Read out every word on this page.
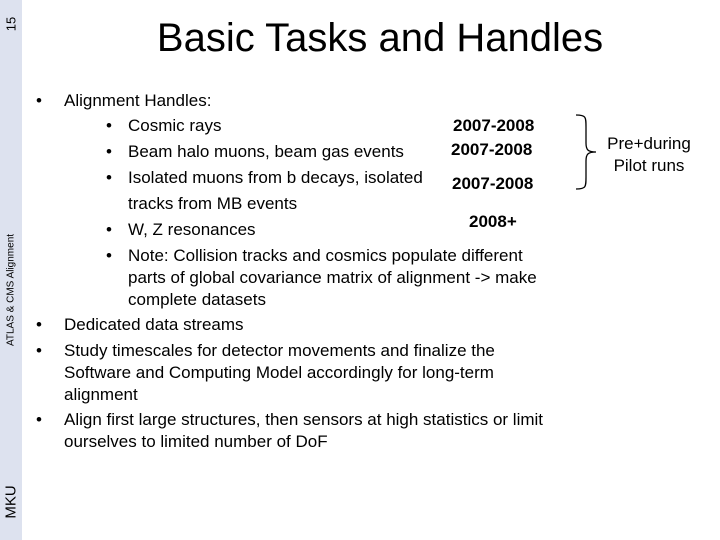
15
ATLAS & CMS Alignment
MKU
Basic Tasks and Handles
• Alignment Handles:
• Cosmic rays
• Beam halo muons, beam gas events
• Isolated muons from b decays, isolated
tracks from MB events
• W, Z resonances
• Note: Collision tracks and cosmics populate different
parts of global covariance matrix of alignment -> make
complete datasets
2007-2008
2007-2008
2007-2008
2008+
Pre+during
Pilot runs
• Dedicated data streams
• Study timescales for detector movements and finalize the
Software and Computing Model accordingly for long-term
alignment
• Align first large structures, then sensors at high statistics or limit
ourselves to limited number of DoF
